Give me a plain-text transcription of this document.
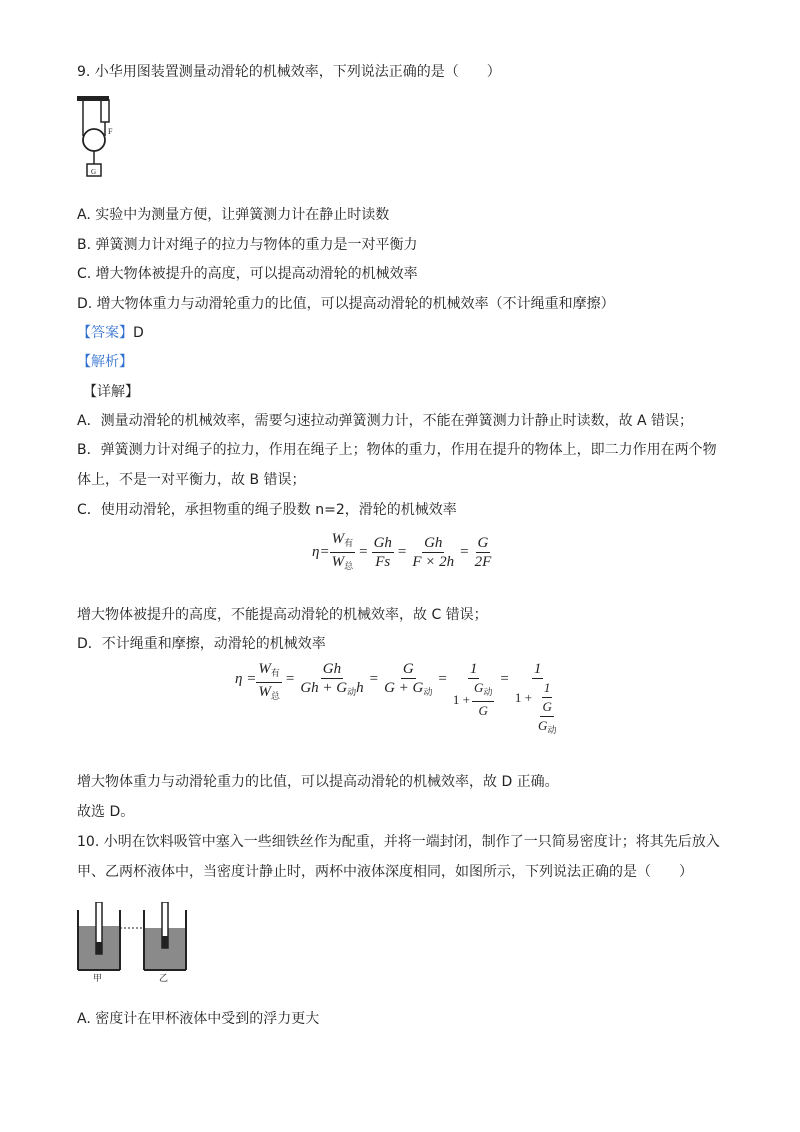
9. 小华用图装置测量动滑轮的机械效率，下列说法正确的是（　　）
F
G
A. 实验中为测量方便，让弹簧测力计在静止时读数
B. 弹簧测力计对绳子的拉力与物体的重力是一对平衡力
C. 增大物体被提升的高度，可以提高动滑轮的机械效率
D. 增大物体重力与动滑轮重力的比值，可以提高动滑轮的机械效率（不计绳重和摩擦）
【答案】D
【解析】
【详解】
A．测量动滑轮的机械效率，需要匀速拉动弹簧测力计，不能在弹簧测力计静止时读数，故 A 错误；
B．弹簧测力计对绳子的拉力，作用在绳子上；物体的重力，作用在提升的物体上，即二力作用在两个物
体上，不是一对平衡力，故 B 错误；
C．使用动滑轮，承担物重的绳子股数 n=2，滑轮的机械效率
$\eta= \frac{W_有}{W_总} = \frac{Gh}{Fs} = \frac{Gh}{F \times 2h} = \frac{G}{2F}$
增大物体被提升的高度，不能提高动滑轮的机械效率，故 C 错误；
D．不计绳重和摩擦，动滑轮的机械效率
$\eta = \frac{W_有}{W_总} = \frac{Gh}{Gh + G_动h} = \frac{G}{G + G_动} = \frac{1}{1 + \frac{G_动}{G}}$ =
1
$1 + \frac{1}{\frac{G}{G_动}}$
增大物体重力与动滑轮重力的比值，可以提高动滑轮的机械效率，故 D 正确。
故选 D。
10. 小明在饮料吸管中塞入一些细铁丝作为配重，并将一端封闭，制作了一只简易密度计；将其先后放入
甲、乙两杯液体中，当密度计静止时，两杯中液体深度相同，如图所示，下列说法正确的是（　　）
甲	乙
A. 密度计在甲杯液体中受到的浮力更大
